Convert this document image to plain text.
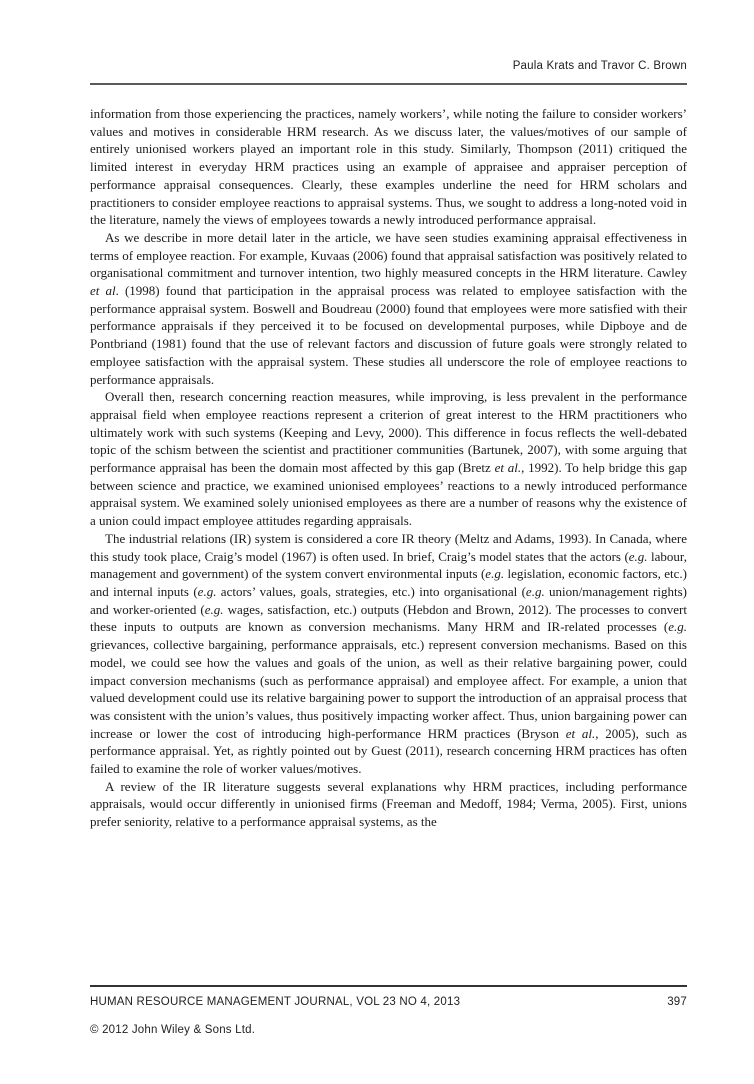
Paula Krats and Travor C. Brown

information from those experiencing the practices, namely workers’, while noting the failure to consider workers’ values and motives in considerable HRM research. As we discuss later, the values/motives of our sample of entirely unionised workers played an important role in this study. Similarly, Thompson (2011) critiqued the limited interest in everyday HRM practices using an example of appraisee and appraiser perception of performance appraisal consequences. Clearly, these examples underline the need for HRM scholars and practitioners to consider employee reactions to appraisal systems. Thus, we sought to address a long-noted void in the literature, namely the views of employees towards a newly introduced performance appraisal.

As we describe in more detail later in the article, we have seen studies examining appraisal effectiveness in terms of employee reaction. For example, Kuvaas (2006) found that appraisal satisfaction was positively related to organisational commitment and turnover intention, two highly measured concepts in the HRM literature. Cawley et al. (1998) found that participation in the appraisal process was related to employee satisfaction with the performance appraisal system. Boswell and Boudreau (2000) found that employees were more satisfied with their performance appraisals if they perceived it to be focused on developmental purposes, while Dipboye and de Pontbriand (1981) found that the use of relevant factors and discussion of future goals were strongly related to employee satisfaction with the appraisal system. These studies all underscore the role of employee reactions to performance appraisals.

Overall then, research concerning reaction measures, while improving, is less prevalent in the performance appraisal field when employee reactions represent a criterion of great interest to the HRM practitioners who ultimately work with such systems (Keeping and Levy, 2000). This difference in focus reflects the well-debated topic of the schism between the scientist and practitioner communities (Bartunek, 2007), with some arguing that performance appraisal has been the domain most affected by this gap (Bretz et al., 1992). To help bridge this gap between science and practice, we examined unionised employees’ reactions to a newly introduced performance appraisal system. We examined solely unionised employees as there are a number of reasons why the existence of a union could impact employee attitudes regarding appraisals.

The industrial relations (IR) system is considered a core IR theory (Meltz and Adams, 1993). In Canada, where this study took place, Craig’s model (1967) is often used. In brief, Craig’s model states that the actors (e.g. labour, management and government) of the system convert environmental inputs (e.g. legislation, economic factors, etc.) and internal inputs (e.g. actors’ values, goals, strategies, etc.) into organisational (e.g. union/management rights) and worker-oriented (e.g. wages, satisfaction, etc.) outputs (Hebdon and Brown, 2012). The processes to convert these inputs to outputs are known as conversion mechanisms. Many HRM and IR-related processes (e.g. grievances, collective bargaining, performance appraisals, etc.) represent conversion mechanisms. Based on this model, we could see how the values and goals of the union, as well as their relative bargaining power, could impact conversion mechanisms (such as performance appraisal) and employee affect. For example, a union that valued development could use its relative bargaining power to support the introduction of an appraisal process that was consistent with the union’s values, thus positively impacting worker affect. Thus, union bargaining power can increase or lower the cost of introducing high-performance HRM practices (Bryson et al., 2005), such as performance appraisal. Yet, as rightly pointed out by Guest (2011), research concerning HRM practices has often failed to examine the role of worker values/motives.

A review of the IR literature suggests several explanations why HRM practices, including performance appraisals, would occur differently in unionised firms (Freeman and Medoff, 1984; Verma, 2005). First, unions prefer seniority, relative to a performance appraisal systems, as the

HUMAN RESOURCE MANAGEMENT JOURNAL, VOL 23 NO 4, 2013	397
© 2012 John Wiley & Sons Ltd.
